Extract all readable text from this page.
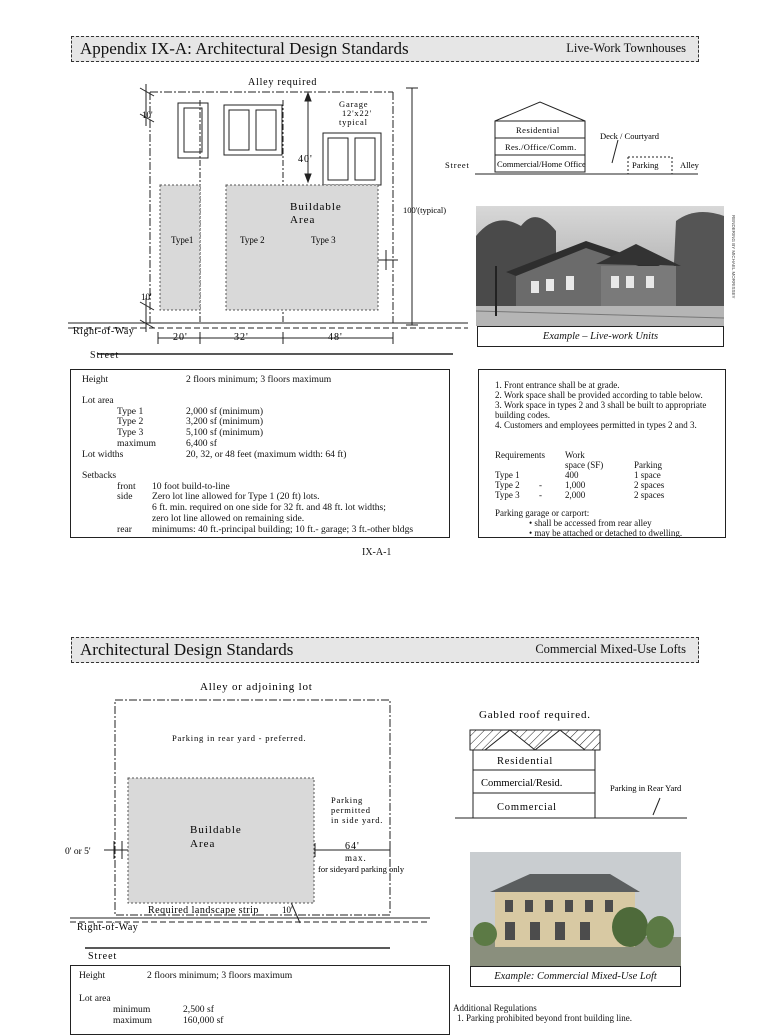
Appendix IX-A: Architectural Design Standards	Live-Work Townhouses
Alley required
Garage
12'x22'
typical
40'
10'
10'
Buildable
Area
Type1	Type 2	Type 3
100'(typical)
Right-of-Way
20'	32'	48'
Street
Residential
Res./Office/Comm.
Commercial/Home Office
Deck / Courtyard
Street	Parking	Alley
RENDERING BY MICHAEL MORRISSEY
Example – Live-work Units
Height	2 floors minimum; 3 floors maximum
Lot area
Type 1	2,000 sf (minimum)
Type 2	3,200 sf (minimum)
Type 3	5,100 sf (minimum)
maximum	6,400 sf
Lot widths	20, 32, or 48 feet (maximum width: 64 ft)
Setbacks
front 10 foot build-to-line
side Zero lot line allowed for Type 1 (20 ft) lots.
6 ft. min. required on one side for 32 ft. and 48 ft. lot widths;
zero lot line allowed on remaining side.
rear minimums: 40 ft.-principal building; 10 ft.- garage; 3 ft.-other bldgs
1. Front entrance shall be at grade.
2. Work space shall be provided according to table below.
3. Work space in types 2 and 3 shall be built to appropriate
building codes.
4. Customers and employees permitted in types 2 and 3.
Requirements Work
space (SF)	Parking
Type 1	400	1 space
Type 2 -	1,000	2 spaces
Type 3 -	2,000	2 spaces
Parking garage or carport:
• shall be accessed from rear alley
• may be attached or detached to dwelling.
IX-A-1
Architectural Design Standards	Commercial Mixed-Use Lofts
Alley or adjoining lot
Parking in rear yard - preferred.
Buildable
Area
Parking
permitted
in side yard.
64'
max.
for sideyard parking only
0' or 5'
Required landscape strip	10'
Right-of-Way
Street
Gabled roof required.
Residential
Commercial/Resid.
Commercial
Parking in Rear Yard
Example: Commercial Mixed-Use Loft
Height	2 floors minimum; 3 floors maximum
Lot area
minimum	2,500 sf
maximum	160,000 sf
Additional Regulations
1. Parking prohibited beyond front building line.
